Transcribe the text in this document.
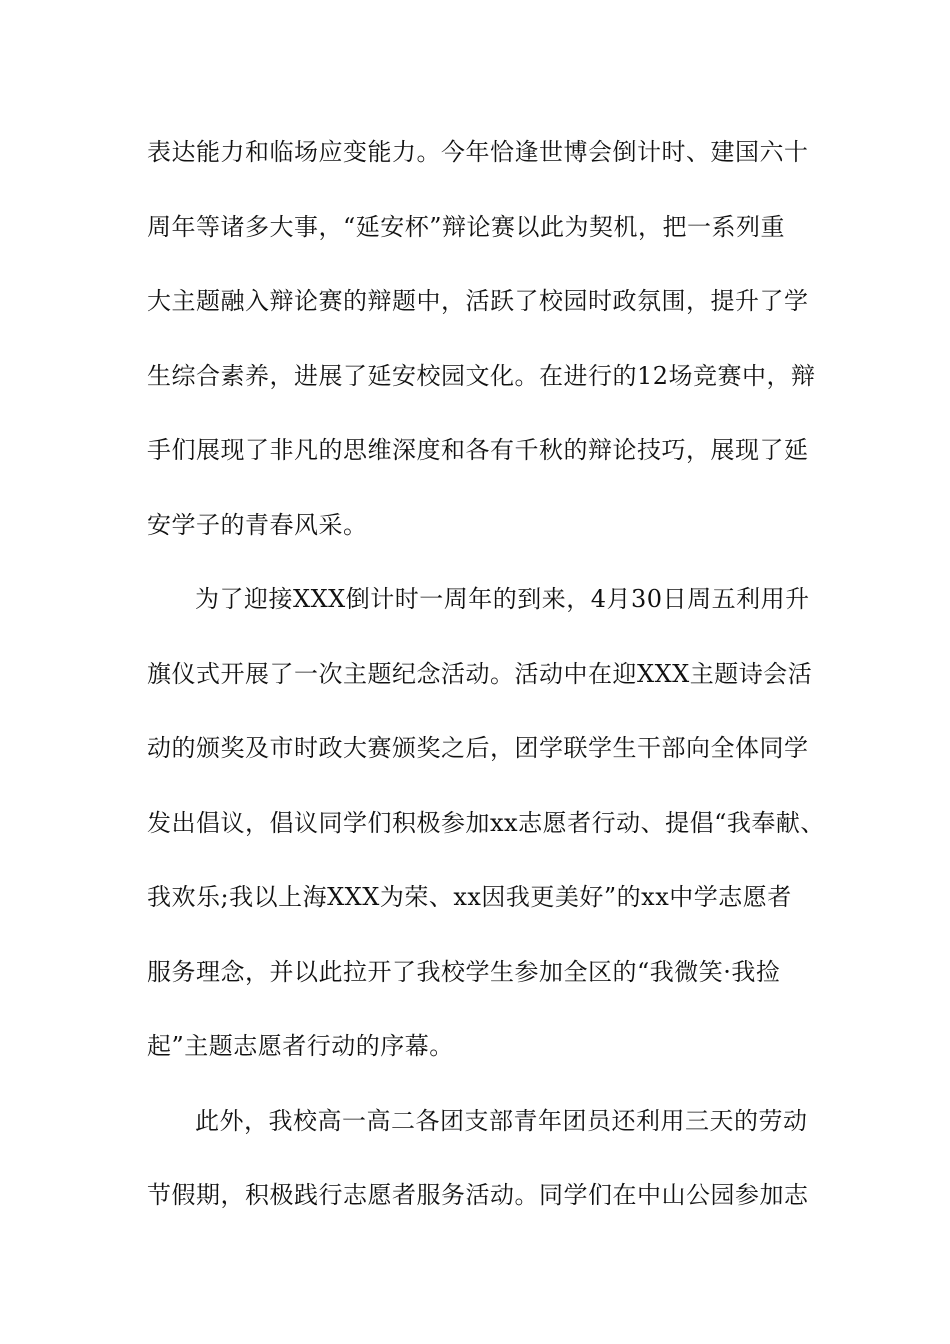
表达能力和临场应变能力。今年恰逢世博会倒计时、建国六十
周年等诸多大事，“延安杯”辩论赛以此为契机，把一系列重
大主题融入辩论赛的辩题中，活跃了校园时政氛围，提升了学
生综合素养，进展了延安校园文化。在进行的12场竞赛中，辩
手们展现了非凡的思维深度和各有千秋的辩论技巧，展现了延
安学子的青春风采。
为了迎接XXX倒计时一周年的到来，4月30日周五利用升
旗仪式开展了一次主题纪念活动。活动中在迎XXX主题诗会活
动的颁奖及市时政大赛颁奖之后，团学联学生干部向全体同学
发出倡议，倡议同学们积极参加xx志愿者行动、提倡“我奉献、
我欢乐;我以上海XXX为荣、xx因我更美好”的xx中学志愿者
服务理念，并以此拉开了我校学生参加全区的“我微笑·我捡
起”主题志愿者行动的序幕。
此外，我校高一高二各团支部青年团员还利用三天的劳动
节假期，积极践行志愿者服务活动。同学们在中山公园参加志
